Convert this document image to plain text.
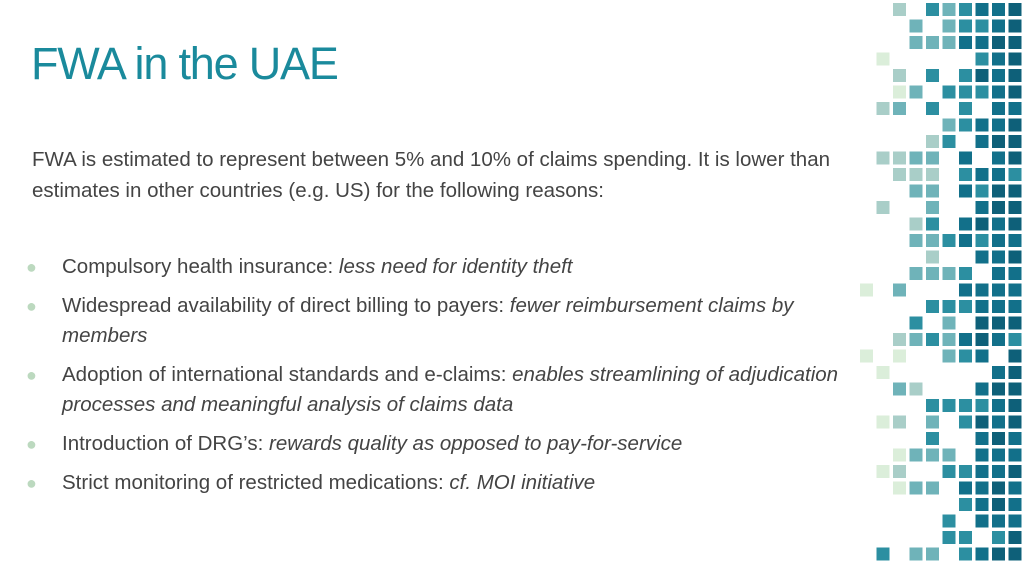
FWA in the UAE

FWA is estimated to represent between 5% and 10% of claims spending. It is lower than estimates in other countries (e.g. US) for the following reasons:

● Compulsory health insurance: less need for identity theft
● Widespread availability of direct billing to payers: fewer reimbursement claims by members
● Adoption of international standards and e-claims: enables streamlining of adjudication processes and meaningful analysis of claims data
● Introduction of DRG’s: rewards quality as opposed to pay-for-service
● Strict monitoring of restricted medications: cf. MOI initiative
